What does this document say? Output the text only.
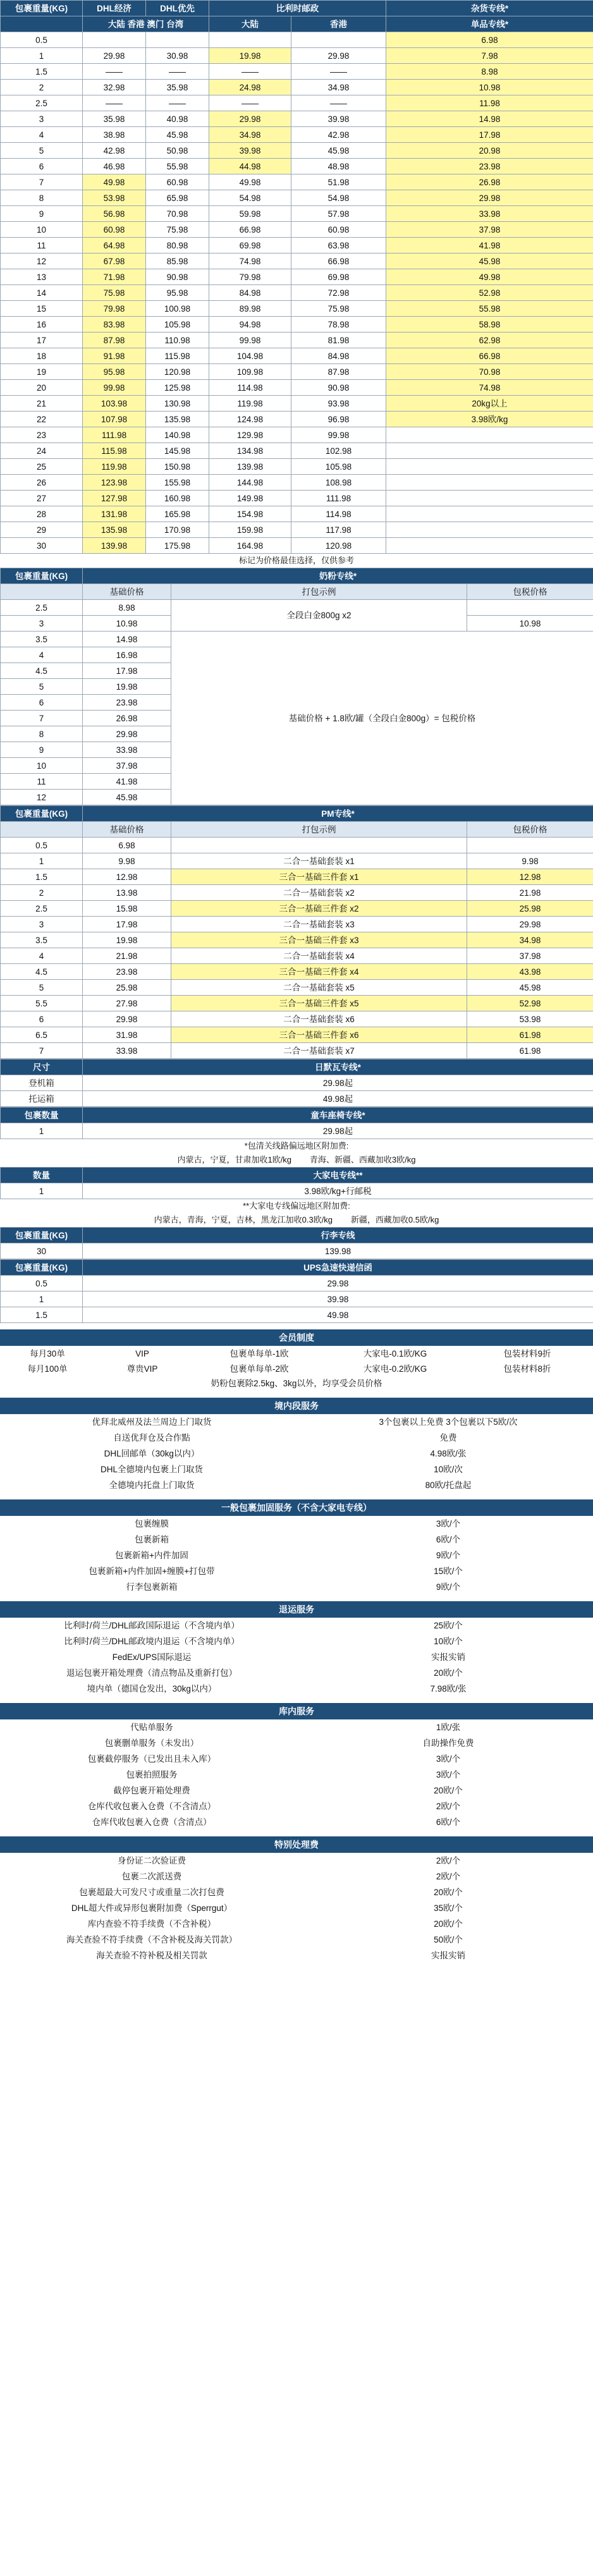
包裹重量(KG)	DHL经济	DHL优先	比利时邮政		杂货专线*
	大陆 香港 澳门 台湾		大陆	香港	单品专线*
0.5					6.98
1	29.98	30.98	19.98	29.98	7.98
1.5	——	——	——	——	8.98
2	32.98	35.98	24.98	34.98	10.98
2.5	——	——	——	——	11.98
3	35.98	40.98	29.98	39.98	14.98
4	38.98	45.98	34.98	42.98	17.98
5	42.98	50.98	39.98	45.98	20.98
6	46.98	55.98	44.98	48.98	23.98
7	49.98	60.98	49.98	51.98	26.98
8	53.98	65.98	54.98	54.98	29.98
9	56.98	70.98	59.98	57.98	33.98
10	60.98	75.98	66.98	60.98	37.98
11	64.98	80.98	69.98	63.98	41.98
12	67.98	85.98	74.98	66.98	45.98
13	71.98	90.98	79.98	69.98	49.98
14	75.98	95.98	84.98	72.98	52.98
15	79.98	100.98	89.98	75.98	55.98
16	83.98	105.98	94.98	78.98	58.98
17	87.98	110.98	99.98	81.98	62.98
18	91.98	115.98	104.98	84.98	66.98
19	95.98	120.98	109.98	87.98	70.98
20	99.98	125.98	114.98	90.98	74.98
21	103.98	130.98	119.98	93.98	20kg以上
22	107.98	135.98	124.98	96.98	3.98欧/kg
23	111.98	140.98	129.98	99.98	
24	115.98	145.98	134.98	102.98	
25	119.98	150.98	139.98	105.98	
26	123.98	155.98	144.98	108.98	
27	127.98	160.98	149.98	111.98	
28	131.98	165.98	154.98	114.98	
29	135.98	170.98	159.98	117.98	
30	139.98	175.98	164.98	120.98	
标记为价格最佳选择，仅供参考
包裹重量(KG)	奶粉专线*		
	基础价格	打包示例	包税价格
2.5	8.98	全段白金800g x2	
3	10.98		10.98
3.5	14.98	基础价格 + 1.8欧/罐（全段白金800g）= 包税价格	
4	16.98		
4.5	17.98		
5	19.98		
6	23.98		
7	26.98		
8	29.98		
9	33.98		
10	37.98		
11	41.98		
12	45.98		
包裹重量(KG)	PM专线*		
	基础价格	打包示例	包税价格
0.5	6.98		
1	9.98	二合一基础套装 x1	9.98
1.5	12.98	三合一基础三件套 x1	12.98
2	13.98	二合一基础套装 x2	21.98
2.5	15.98	三合一基础三件套 x2	25.98
3	17.98	二合一基础套装 x3	29.98
3.5	19.98	三合一基础三件套 x3	34.98
4	21.98	二合一基础套装 x4	37.98
4.5	23.98	三合一基础三件套 x4	43.98
5	25.98	二合一基础套装 x5	45.98
5.5	27.98	三合一基础三件套 x5	52.98
6	29.98	二合一基础套装 x6	53.98
6.5	31.98	三合一基础三件套 x6	61.98
7	33.98	二合一基础套装 x7	61.98
尺寸	日默瓦专线*
登机箱	29.98起
托运箱	49.98起
包裹数量	童车座椅专线*
1	29.98起
*包清关线路偏远地区附加费:
内蒙古，宁夏，甘肃加收1欧/kg        青海、新疆、西藏加收3欧/kg
数量	大家电专线**
1	3.98欧/kg+行邮税
**大家电专线偏远地区附加费:
内蒙古，青海，宁夏，吉林，黑龙江加收0.3欧/kg        新疆，西藏加收0.5欧/kg
包裹重量(KG)	行李专线
30	139.98
包裹重量(KG)	UPS急速快递信函
0.5	29.98
1	39.98
1.5	49.98
会员制度
每月30单	VIP	包裹单每单-1欧	大家电-0.1欧/KG	包装材料9折
每月100单	尊贵VIP	包裹单每单-2欧	大家电-0.2欧/KG	包装材料8折
奶粉包裹除2.5kg、3kg以外，均享受会员价格
境内段服务
优拜北威州及法兰周边上门取货	3个包裹以上免费 3个包裹以下5欧/次
自送优拜仓及合作點	免费
DHL回邮单（30kg以内）	4.98欧/张
DHL全德境内包裹上门取货	10欧/次
全德境内托盘上门取货	80欧/托盘起
一般包裹加固服务（不含大家电专线）
包裹缠膜	3欧/个
包裹新箱	6欧/个
包裹新箱+内件加固	9欧/个
包裹新箱+内件加固+缠膜+打包带	15欧/个
行李包裹新箱	9欧/个
退运服务
比利时/荷兰/DHL邮政国际退运（不含境内单）	25欧/个
比利时/荷兰/DHL邮政境内退运（不含境内单）	10欧/个
FedEx/UPS国际退运	实报实销
退运包裹开箱处理费（清点物品及重新打包）	20欧/个
境内单（德国仓发出，30kg以内）	7.98欧/张
库内服务
代贴单服务	1欧/张
包裹删单服务（未发出）	自助操作免费
包裹截停服务（已发出且未入库）	3欧/个
包裹拍照服务	3欧/个
截停包裹开箱处理费	20欧/个
仓库代收包裹入仓费（不含清点）	2欧/个
仓库代收包裹入仓费（含清点）	6欧/个
特别处理费
身份证二次验证费	2欧/个
包裹二次派送费	2欧/个
包裹超最大可发尺寸或重量二次打包费	20欧/个
DHL超大件或异形包裹附加费（Sperrgut）	35欧/个
库内查验不符手续费（不含补税）	20欧/个
海关查验不符手续费（不含补税及海关罚款）	50欧/个
海关查验不符补税及相关罚款	实报实销
